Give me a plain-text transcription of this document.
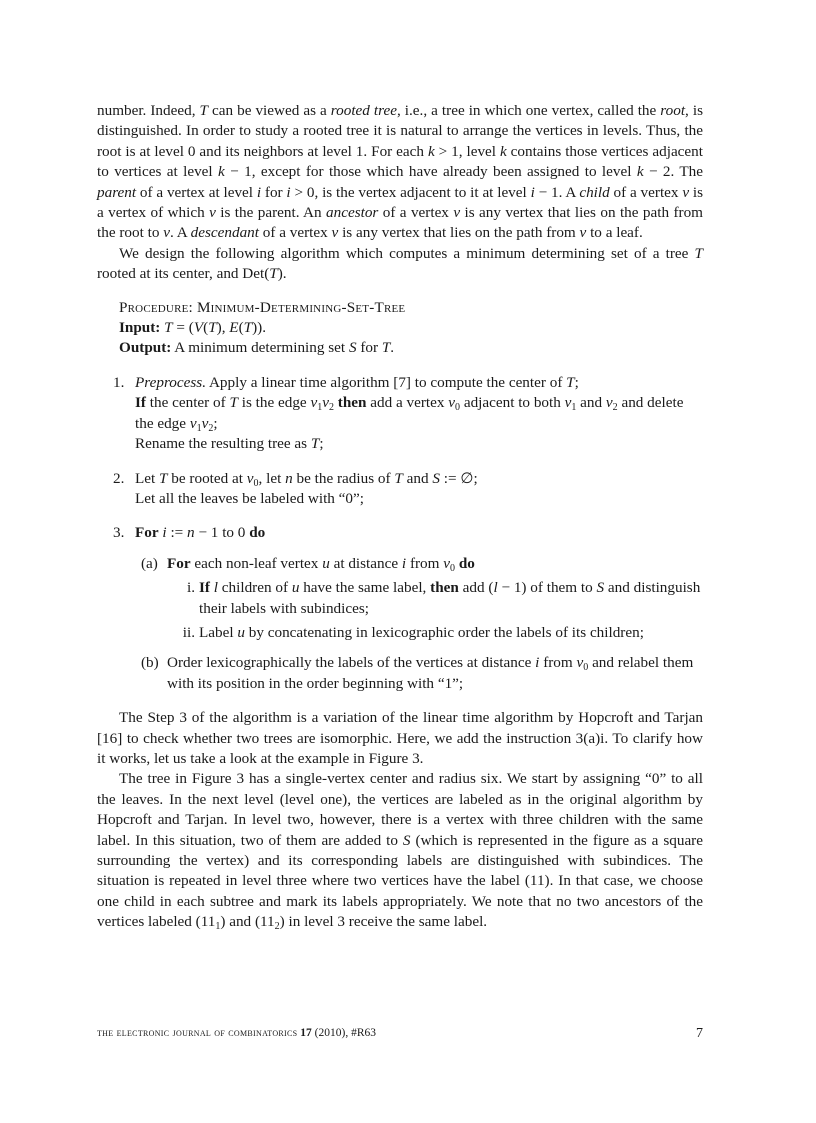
number. Indeed, T can be viewed as a rooted tree, i.e., a tree in which one vertex, called the root, is distinguished. In order to study a rooted tree it is natural to arrange the vertices in levels. Thus, the root is at level 0 and its neighbors at level 1. For each k > 1, level k contains those vertices adjacent to vertices at level k − 1, except for those which have already been assigned to level k − 2. The parent of a vertex at level i for i > 0, is the vertex adjacent to it at level i − 1. A child of a vertex v is a vertex of which v is the parent. An ancestor of a vertex v is any vertex that lies on the path from the root to v. A descendant of a vertex v is any vertex that lies on the path from v to a leaf.

We design the following algorithm which computes a minimum determining set of a tree T rooted at its center, and Det(T).

Procedure: Minimum-Determining-Set-Tree
Input: T = (V(T), E(T)).
Output: A minimum determining set S for T.
1. Preprocess. Apply a linear time algorithm [7] to compute the center of T;
If the center of T is the edge $v_1v_2$ then add a vertex $v_0$ adjacent to both $v_1$ and $v_2$ and delete the edge $v_1v_2$;
Rename the resulting tree as T;
2. Let T be rooted at $v_0$, let n be the radius of T and S := ∅;
Let all the leaves be labeled with “0”;
3. For i := n − 1 to 0 do
(a) For each non-leaf vertex u at distance i from $v_0$ do
i. If l children of u have the same label, then add (l − 1) of them to S and distinguish their labels with subindices;
ii. Label u by concatenating in lexicographic order the labels of its children;
(b) Order lexicographically the labels of the vertices at distance i from $v_0$ and relabel them with its position in the order beginning with “1”;

The Step 3 of the algorithm is a variation of the linear time algorithm by Hopcroft and Tarjan [16] to check whether two trees are isomorphic. Here, we add the instruction 3(a)i. To clarify how it works, let us take a look at the example in Figure 3.

The tree in Figure 3 has a single-vertex center and radius six. We start by assigning “0” to all the leaves. In the next level (level one), the vertices are labeled as in the original algorithm by Hopcroft and Tarjan. In level two, however, there is a vertex with three children with the same label. In this situation, two of them are added to S (which is represented in the figure as a square surrounding the vertex) and its corresponding labels are distinguished with subindices. The situation is repeated in level three where two vertices have the label (11). In that case, we choose one child in each subtree and mark its labels appropriately. We note that no two ancestors of the vertices labeled $(11_1)$ and $(11_2)$ in level 3 receive the same label.

the electronic journal of combinatorics 17 (2010), #R63	7
